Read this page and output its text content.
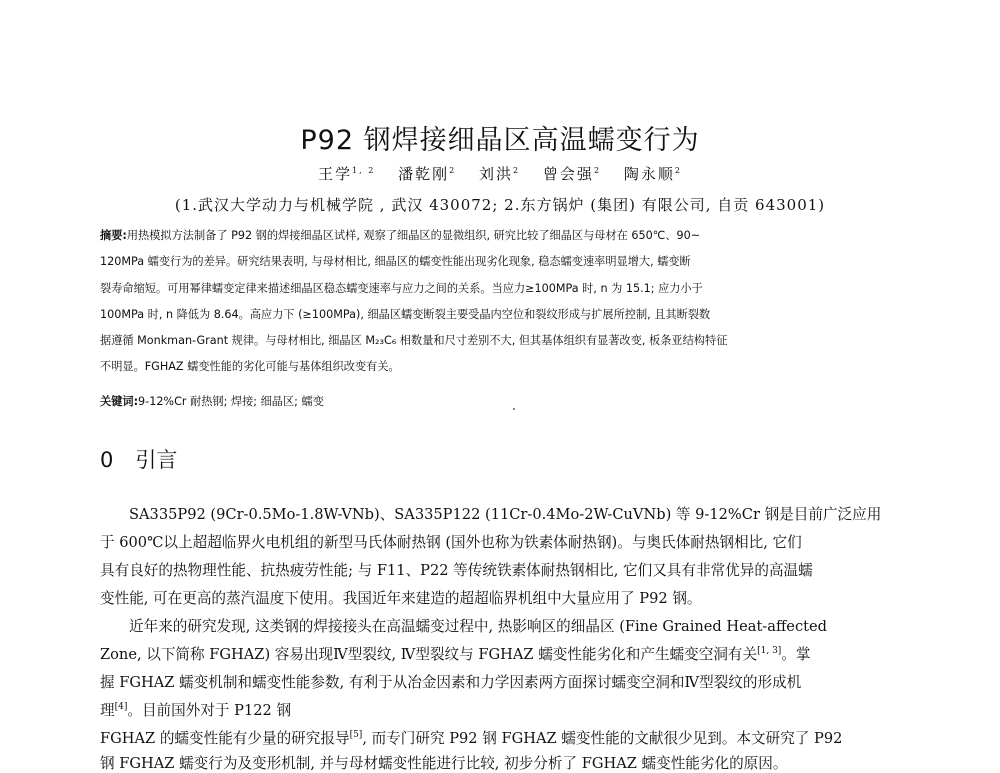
P92 钢焊接细晶区高温蠕变行为
王学$^{1, 2}$ 潘乾刚$^2$ 刘洪$^2$ 曾会强$^2$ 陶永顺$^2$
(1.武汉大学动力与机械学院 , 武汉 430072; 2.东方锅炉 (集团) 有限公司, 自贡 643001)
摘要:用热模拟方法制备了 P92 钢的焊接细晶区试样, 观察了细晶区的显微组织, 研究比较了细晶区与母材在 650℃、90~
120MPa 蠕变行为的差异。研究结果表明, 与母材相比, 细晶区的蠕变性能出现劣化现象, 稳态蠕变速率明显增大, 蠕变断
裂寿命缩短。可用幂律蠕变定律来描述细晶区稳态蠕变速率与应力之间的关系。当应力≥100MPa 时, n 为 15.1; 应力小于
100MPa 时, n 降低为 8.64。高应力下 (≥100MPa), 细晶区蠕变断裂主要受晶内空位和裂纹形成与扩展所控制, 且其断裂数
据遵循 Monkman-Grant 规律。与母材相比, 细晶区 M₂₃C₆ 相数量和尺寸差别不大, 但其基体组织有显著改变, 板条亚结构特征
不明显。FGHAZ 蠕变性能的劣化可能与基体组织改变有关。
关键词:9-12%Cr 耐热钢; 焊接; 细晶区; 蠕变
0 引言
SA335P92 (9Cr-0.5Mo-1.8W-VNb)、SA335P122 (11Cr-0.4Mo-2W-CuVNb) 等 9-12%Cr 钢是目前广泛应用
于 600℃以上超超临界火电机组的新型马氏体耐热钢 (国外也称为铁素体耐热钢)。与奥氏体耐热钢相比, 它们
具有良好的热物理性能、抗热疲劳性能; 与 F11、P22 等传统铁素体耐热钢相比, 它们又具有非常优异的高温蠕
变性能, 可在更高的蒸汽温度下使用。我国近年来建造的超超临界机组中大量应用了 P92 钢。
近年来的研究发现, 这类钢的焊接接头在高温蠕变过程中, 热影响区的细晶区 (Fine Grained Heat-affected
Zone, 以下简称 FGHAZ) 容易出现Ⅳ型裂纹, Ⅳ型裂纹与 FGHAZ 蠕变性能劣化和产生蠕变空洞有关[1, 3]。掌
握 FGHAZ 蠕变机制和蠕变性能参数, 有利于从冶金因素和力学因素两方面探讨蠕变空洞和Ⅳ型裂纹的形成机
理[4]。目前国外对于 P122 钢
FGHAZ 的蠕变性能有少量的研究报导[5], 而专门研究 P92 钢 FGHAZ 蠕变性能的文献很少见到。本文研究了 P92
钢 FGHAZ 蠕变行为及变形机制, 并与母材蠕变性能进行比较, 初步分析了 FGHAZ 蠕变性能劣化的原因。
